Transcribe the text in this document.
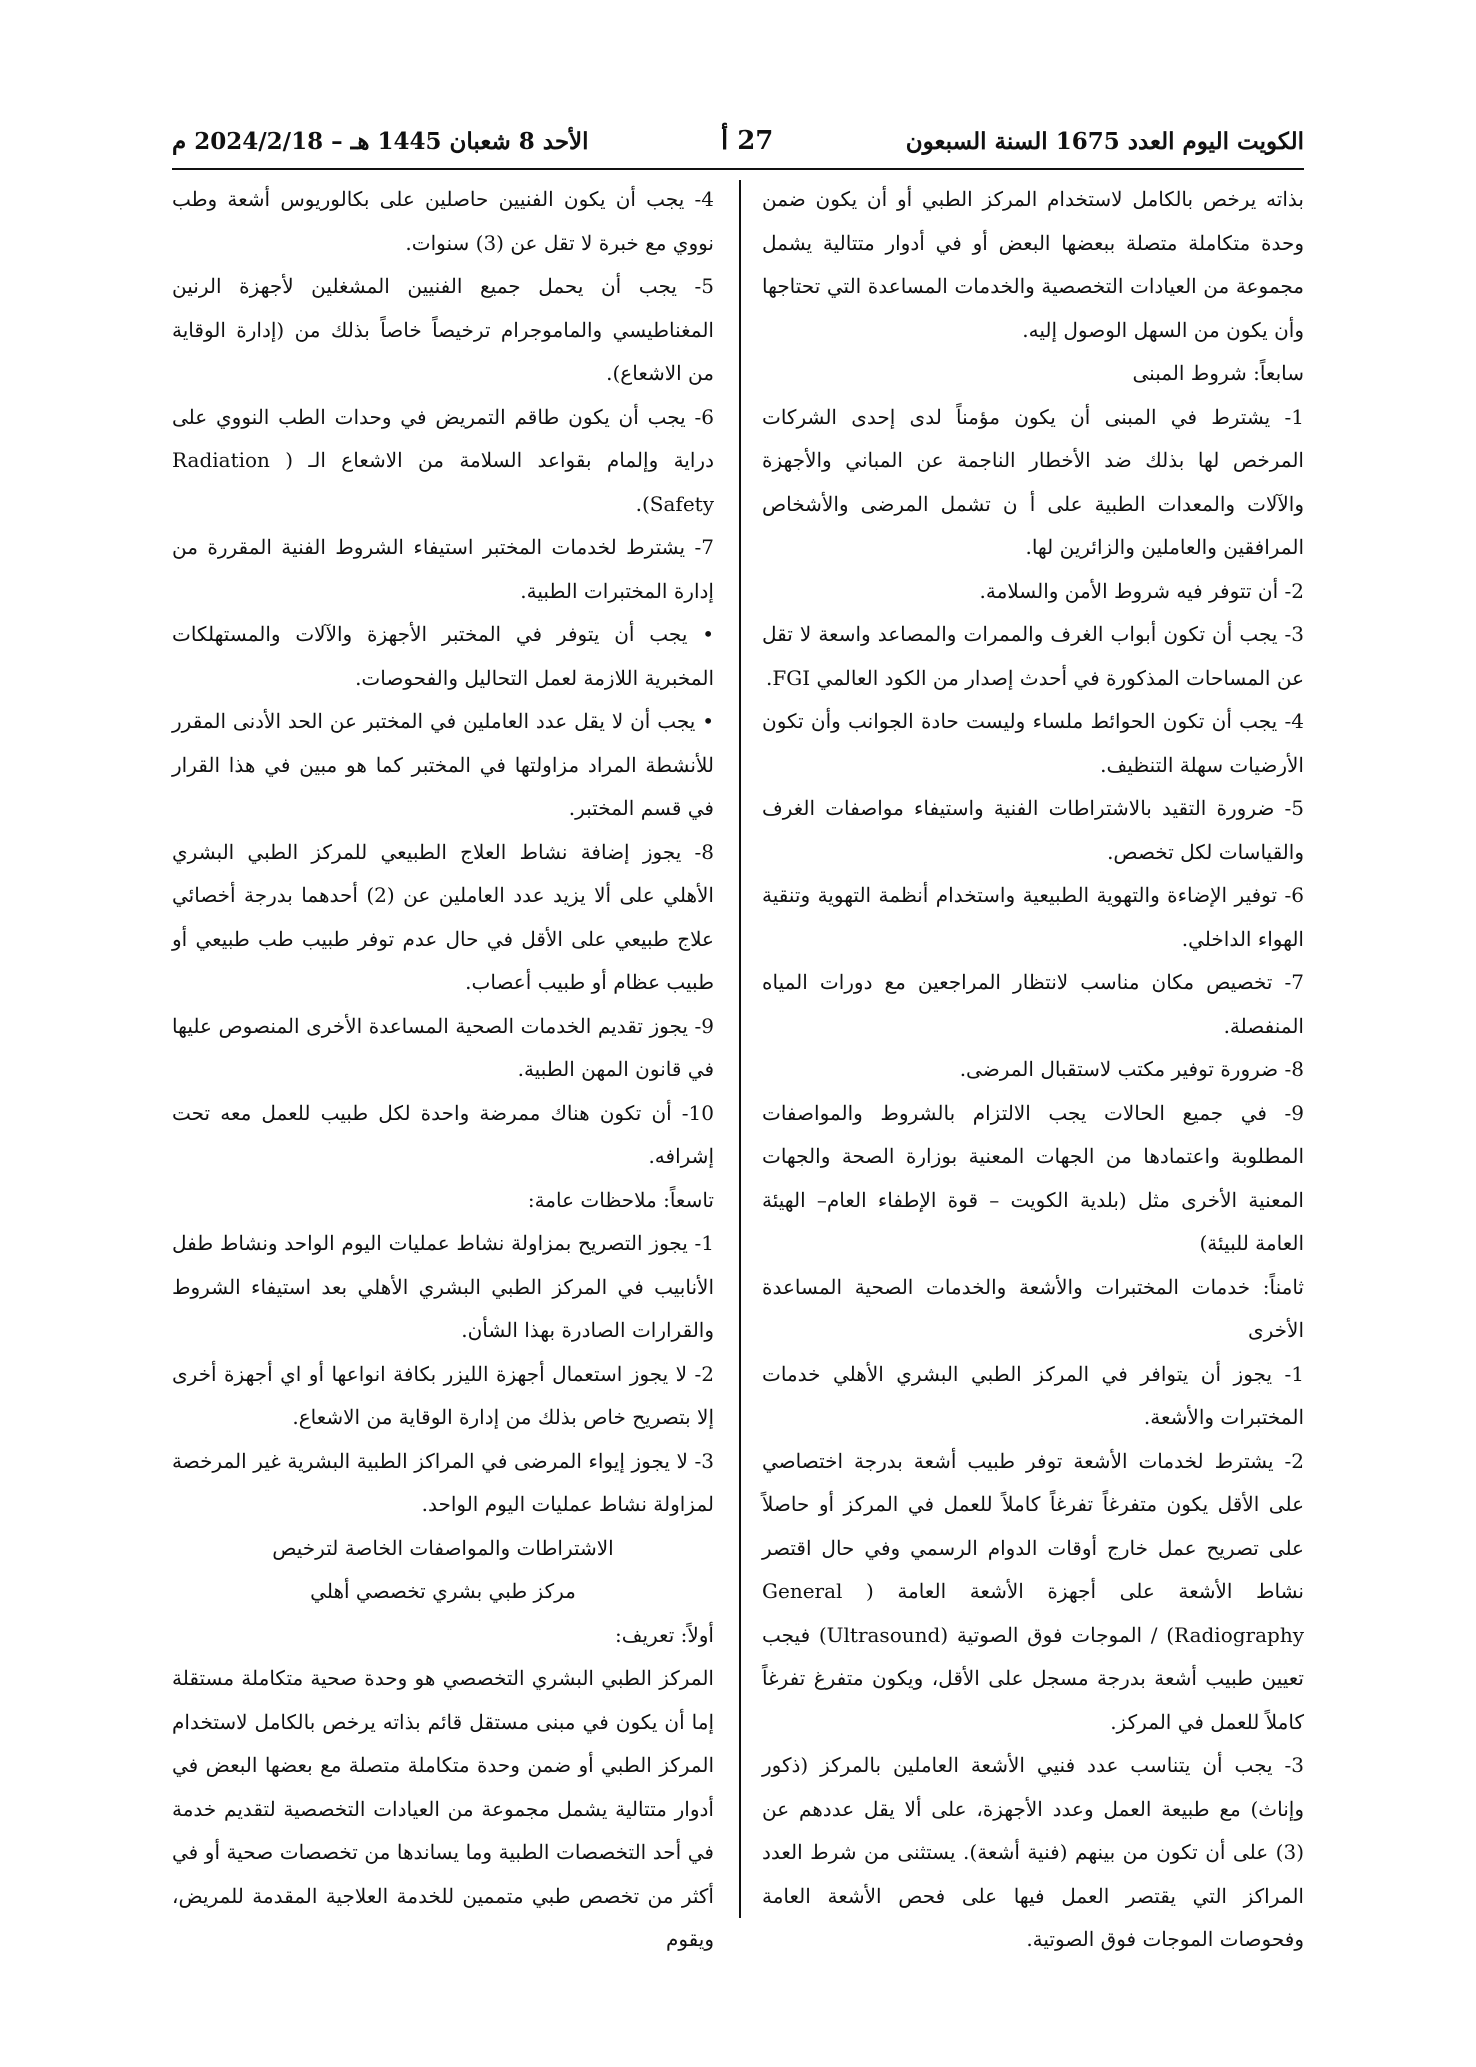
الكويت اليوم العدد 1675 السنة السبعون
27 أ
الأحد 8 شعبان 1445 هـ – 2024/2/18 م

بذاته يرخص بالكامل لاستخدام المركز الطبي أو أن يكون ضمن وحدة متكاملة متصلة ببعضها البعض أو في أدوار متتالية يشمل مجموعة من العيادات التخصصية والخدمات المساعدة التي تحتاجها وأن يكون من السهل الوصول إليه.

سابعاً: شروط المبنى

1- يشترط في المبنى أن يكون مؤمناً لدى إحدى الشركات المرخص لها بذلك ضد الأخطار الناجمة عن المباني والأجهزة والآلات والمعدات الطبية على أ ن تشمل المرضى والأشخاص المرافقين والعاملين والزائرين لها.

2- أن تتوفر فيه شروط الأمن والسلامة.

3- يجب أن تكون أبواب الغرف والممرات والمصاعد واسعة لا تقل عن المساحات المذكورة في أحدث إصدار من الكود العالمي FGI.

4- يجب أن تكون الحوائط ملساء وليست حادة الجوانب وأن تكون الأرضيات سهلة التنظيف.

5- ضرورة التقيد بالاشتراطات الفنية واستيفاء مواصفات الغرف والقياسات لكل تخصص.

6- توفير الإضاءة والتهوية الطبيعية واستخدام أنظمة التهوية وتنقية الهواء الداخلي.

7- تخصيص مكان مناسب لانتظار المراجعين مع دورات المياه المنفصلة.

8- ضرورة توفير مكتب لاستقبال المرضى.

9- في جميع الحالات يجب الالتزام بالشروط والمواصفات المطلوبة واعتمادها من الجهات المعنية بوزارة الصحة والجهات المعنية الأخرى مثل (بلدية الكويت – قوة الإطفاء العام– الهيئة العامة للبيئة)

ثامناً: خدمات المختبرات والأشعة والخدمات الصحية المساعدة الأخرى

1- يجوز أن يتوافر في المركز الطبي البشري الأهلي خدمات المختبرات والأشعة.

2- يشترط لخدمات الأشعة توفر طبيب أشعة بدرجة اختصاصي على الأقل يكون متفرغاً تفرغاً كاملاً للعمل في المركز أو حاصلاً على تصريح عمل خارج أوقات الدوام الرسمي وفي حال اقتصر نشاط الأشعة على أجهزة الأشعة العامة ( General Radiography) / الموجات فوق الصوتية (Ultrasound) فيجب تعيين طبيب أشعة بدرجة مسجل على الأقل، ويكون متفرغ تفرغاً كاملاً للعمل في المركز.

3- يجب أن يتناسب عدد فنيي الأشعة العاملين بالمركز (ذكور وإناث) مع طبيعة العمل وعدد الأجهزة، على ألا يقل عددهم عن (3) على أن تكون من بينهم (فنية أشعة). يستثنى من شرط العدد المراكز التي يقتصر العمل فيها على فحص الأشعة العامة وفحوصات الموجات فوق الصوتية.

4- يجب أن يكون الفنيين حاصلين على بكالوريوس أشعة وطب نووي مع خبرة لا تقل عن (3) سنوات.

5- يجب أن يحمل جميع الفنيين المشغلين لأجهزة الرنين المغناطيسي والماموجرام ترخيصاً خاصاً بذلك من (إدارة الوقاية من الاشعاع).

6- يجب أن يكون طاقم التمريض في وحدات الطب النووي على دراية وإلمام بقواعد السلامة من الاشعاع الـ ( Radiation Safety).

7- يشترط لخدمات المختبر استيفاء الشروط الفنية المقررة من إدارة المختبرات الطبية.

• يجب أن يتوفر في المختبر الأجهزة والآلات والمستهلكات المخبرية اللازمة لعمل التحاليل والفحوصات.

• يجب أن لا يقل عدد العاملين في المختبر عن الحد الأدنى المقرر للأنشطة المراد مزاولتها في المختبر كما هو مبين في هذا القرار في قسم المختبر.

8- يجوز إضافة نشاط العلاج الطبيعي للمركز الطبي البشري الأهلي على ألا يزيد عدد العاملين عن (2) أحدهما بدرجة أخصائي علاج طبيعي على الأقل في حال عدم توفر طبيب طب طبيعي أو طبيب عظام أو طبيب أعصاب.

9- يجوز تقديم الخدمات الصحية المساعدة الأخرى المنصوص عليها في قانون المهن الطبية.

10- أن تكون هناك ممرضة واحدة لكل طبيب للعمل معه تحت إشرافه.

تاسعاً: ملاحظات عامة:

1- يجوز التصريح بمزاولة نشاط عمليات اليوم الواحد ونشاط طفل الأنابيب في المركز الطبي البشري الأهلي بعد استيفاء الشروط والقرارات الصادرة بهذا الشأن.

2- لا يجوز استعمال أجهزة الليزر بكافة انواعها أو اي أجهزة أخرى إلا بتصريح خاص بذلك من إدارة الوقاية من الاشعاع.

3- لا يجوز إيواء المرضى في المراكز الطبية البشرية غير المرخصة لمزاولة نشاط عمليات اليوم الواحد.

الاشتراطات والمواصفات الخاصة لترخيص

مركز طبي بشري تخصصي أهلي

أولاً: تعريف:

المركز الطبي البشري التخصصي هو وحدة صحية متكاملة مستقلة إما أن يكون في مبنى مستقل قائم بذاته يرخص بالكامل لاستخدام المركز الطبي أو ضمن وحدة متكاملة متصلة مع بعضها البعض في أدوار متتالية يشمل مجموعة من العيادات التخصصية لتقديم خدمة في أحد التخصصات الطبية وما يساندها من تخصصات صحية أو في أكثر من تخصص طبي متممين للخدمة العلاجية المقدمة للمريض، ويقوم
